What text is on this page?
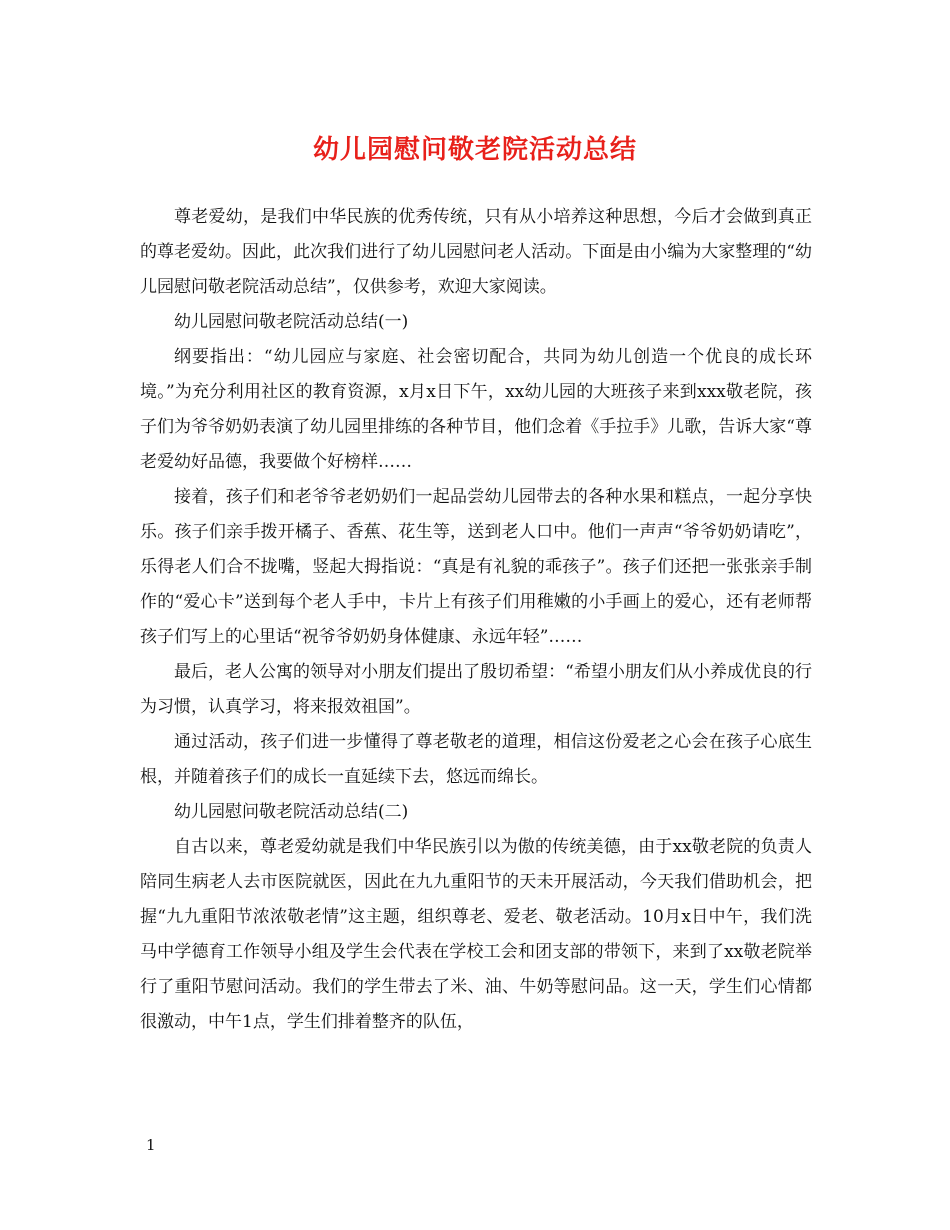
幼儿园慰问敬老院活动总结

尊老爱幼，是我们中华民族的优秀传统，只有从小培养这种思想，今后才会做到真正的尊老爱幼。因此，此次我们进行了幼儿园慰问老人活动。下面是由小编为大家整理的“幼儿园慰问敬老院活动总结”，仅供参考，欢迎大家阅读。

幼儿园慰问敬老院活动总结(一)

纲要指出：“幼儿园应与家庭、社会密切配合，共同为幼儿创造一个优良的成长环境。”为充分利用社区的教育资源，x月x日下午，xx幼儿园的大班孩子来到xxx敬老院，孩子们为爷爷奶奶表演了幼儿园里排练的各种节目，他们念着《手拉手》儿歌，告诉大家“尊老爱幼好品德，我要做个好榜样……

接着，孩子们和老爷爷老奶奶们一起品尝幼儿园带去的各种水果和糕点，一起分享快乐。孩子们亲手拨开橘子、香蕉、花生等，送到老人口中。他们一声声“爷爷奶奶请吃”，乐得老人们合不拢嘴，竖起大拇指说：“真是有礼貌的乖孩子”。孩子们还把一张张亲手制作的“爱心卡”送到每个老人手中，卡片上有孩子们用稚嫩的小手画上的爱心，还有老师帮孩子们写上的心里话“祝爷爷奶奶身体健康、永远年轻”……

最后，老人公寓的领导对小朋友们提出了殷切希望：“希望小朋友们从小养成优良的行为习惯，认真学习，将来报效祖国”。

通过活动，孩子们进一步懂得了尊老敬老的道理，相信这份爱老之心会在孩子心底生根，并随着孩子们的成长一直延续下去，悠远而绵长。

幼儿园慰问敬老院活动总结(二)

自古以来，尊老爱幼就是我们中华民族引以为傲的传统美德，由于xx敬老院的负责人陪同生病老人去市医院就医，因此在九九重阳节的天未开展活动，今天我们借助机会，把握“九九重阳节浓浓敬老情”这主题，组织尊老、爱老、敬老活动。10月x日中午，我们洗马中学德育工作领导小组及学生会代表在学校工会和团支部的带领下，来到了xx敬老院举行了重阳节慰问活动。我们的学生带去了米、油、牛奶等慰问品。这一天，学生们心情都很激动，中午1点，学生们排着整齐的队伍，

1
